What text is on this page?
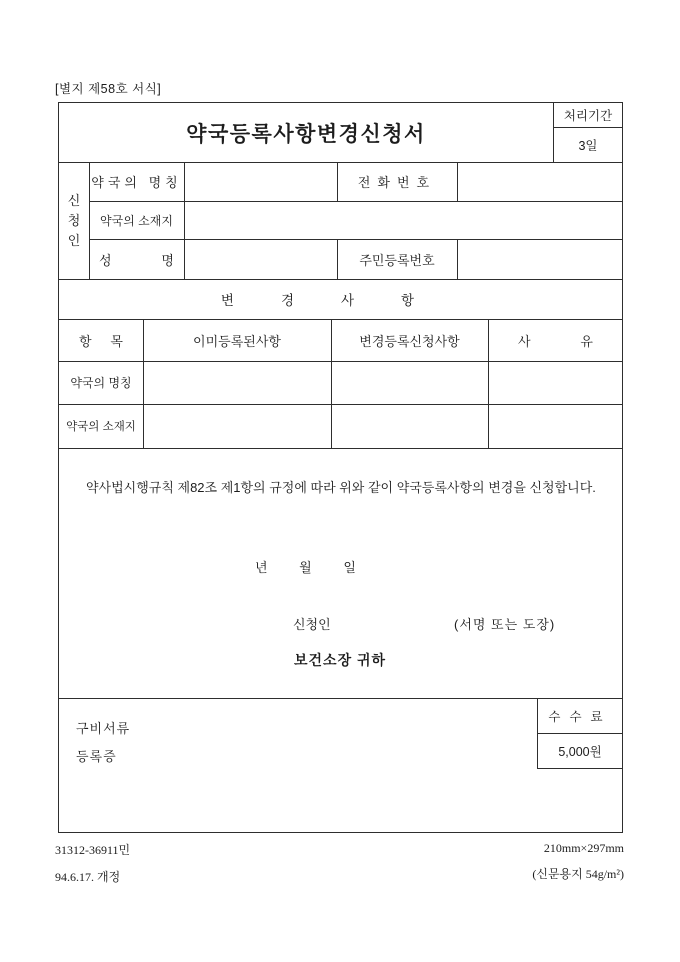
[별지 제58호 서식]
약국등록사항변경신청서
처리기간
3일
신청인
약국의 명칭	전화번호
약국의 소재지
성 명	주민등록번호
변경사항
항 목	이미등록된사항	변경등록신청사항	사 유
약국의 명칭
약국의 소재지
약사법시행규칙 제82조 제1항의 규정에 따라 위와 같이 약국등록사항의 변경을 신청합니다.
년 월 일
신청인	(서명 또는 도장)
보건소장 귀하
구비서류
등록증
수수료
5,000원
31312-36911민
94.6.17. 개정
210mm×297mm
(신문용지 54g/m²)
